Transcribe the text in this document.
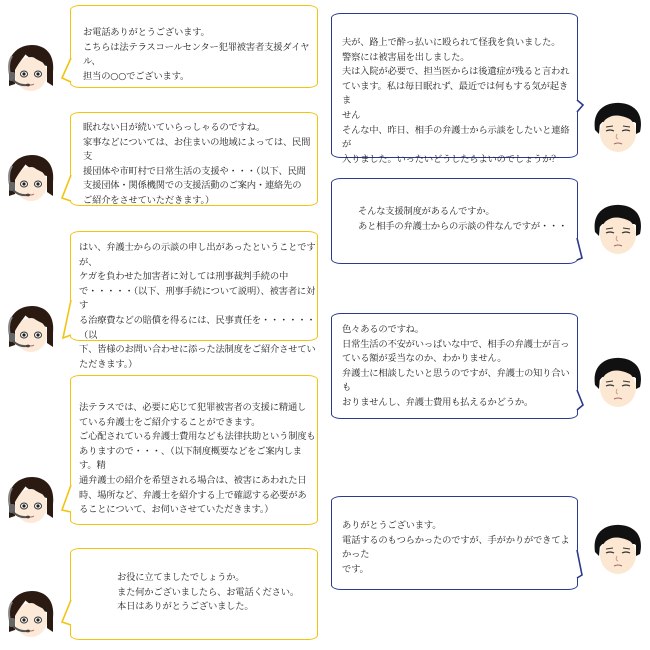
お電話ありがとうございます。
こちらは法テラスコールセンター犯罪被害者支援ダイヤル、
担当の○○でございます。
眠れない日が続いていらっしゃるのですね。
家事などについては、お住まいの地域によっては、民間支
援団体や市町村で日常生活の支援や・・・（以下、民間
支援団体・関係機関での支援活動のご案内・連絡先の
ご紹介をさせていただきます。）
はい、弁護士からの示談の申し出があったということですが、
ケガを負わせた加害者に対しては刑事裁判手続の中
で・・・・・（以下、刑事手続について説明）、被害者に対す
る治療費などの賠償を得るには、民事責任を・・・・・・（以
下、皆様のお問い合わせに添った法制度をご紹介させてい
ただきます。）
法テラスでは、必要に応じて犯罪被害者の支援に精通し
ている弁護士をご紹介することができます。
ご心配されている弁護士費用なども法律扶助という制度も
ありますので・・・、（以下制度概要などをご案内します。精
通弁護士の紹介を希望される場合は、被害にあわれた日
時、場所など、弁護士を紹介する上で確認する必要があ
ることについて、お伺いさせていただきます。）
お役に立てましたでしょうか。
また何かございましたら、お電話ください。
本日はありがとうございました。
夫が、路上で酔っ払いに殴られて怪我を負いました。
警察には被害届を出しました。
夫は入院が必要で、担当医からは後遺症が残ると言われ
ています。私は毎日眠れず、最近では何もする気が起きま
せん
そんな中、昨日、相手の弁護士から示談をしたいと連絡が
入りました。いったいどうしたらよいのでしょうか？
そんな支援制度があるんですか。
あと相手の弁護士からの示談の件なんですが・・・
色々あるのですね。
日常生活の不安がいっぱいな中で、相手の弁護士が言っ
ている額が妥当なのか、わかりません。
弁護士に相談したいと思うのですが、弁護士の知り合いも
おりませんし、弁護士費用も払えるかどうか。
ありがとうございます。
電話するのもつらかったのですが、手がかりができてよかった
です。
